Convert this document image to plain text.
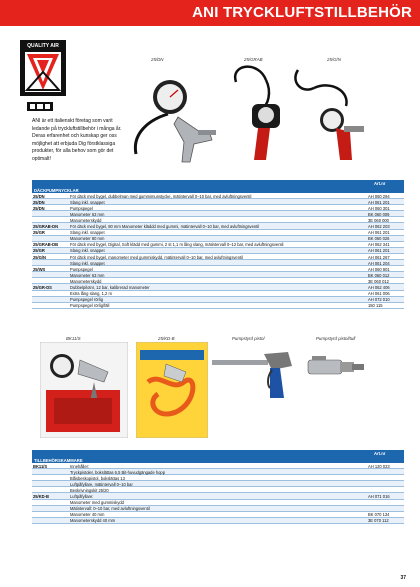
ANI TRYCKLUFTSTILLBEHÖR
QUALITY AIR
ANI är ett italienskt företag som varit ledande på tryckluftstillbehör i många år. Deras erfarenhet och kunskap ger oss möjlighet att erbjuda Dig förstklassiga produkter, för alla behov som gör det optimalt!
25/DN	25/GRAB	25/G/N
Art.nr
DÄCKPUMPNYCKLAR
25/DN	För däck med bygel, dubbelman med gummimunstycke, mätintervall 0–10 bar, med avluftningsventil	AH 060 294
25/DN	Slang inkl. snappet	AH 061 201
25/DN	Pumpspegel	AH 060 301
Manometer 63 mm	BK 060 009
Manometerskydd	3E 060 000
25/GRAB-DN	För däck med bygel, 80 mm Manometer kläddd med gummi, mätintervall 0–10 bar, med avluftningsventil	AH 062 203
25/GR	Slang inkl. snappet	AH 061 201
Manometer 80 mm	BK 060 026
25/GRAB-DB	För däck med bygel, Digital, Soft klädd med gummi, 2 st 1,1 m lång slang, mätintervall 0–12 bar, med avluftningsventil	AH 062 341
25/GR	Slang inkl. snappet	AH 061 201
25/G/N	För däck med bygel, manometer med gummiskydd, mätintervall 0–10 bar, med avluftningsventil	AH 061 267
Slang inkl. snappet	AH 061 204
25/WS	Pumpspegel	AH 060 901
Manometer 63 mm	BK 060 012
Manometerskydd	3E 060 012
25/GR-DS	Dubbelpilotnr, 12 bar, kalibrerad manometer	AH 062 406
Extra lång slang, 1,2 m	AH 061 006
Pumpspegel rörlig	AH 072 010
Pumpspegel rörlig/fäll	150 115
BK11/S	25/KD-B	Pumpstyrd pistol	Pumpstyrd pistol/tull
Art.nr
TILLBEHÖRSKAMMARE
BK11/S	Innehåller:	AH 120 023
Tryckpistoler, bokslättas 6,5 Bit-huvudgängade hopp
Blåsbeskopistol, bokslättas 13
Luftpåfyllare, mätintervall 0–10 bar
Beskrivningskit 25/20
25/KD-B	Luftpåfyllare:	AH 071 016
Manometer med gummiskydd
Mätintervall: 0–10 bar, med avluftningsventil
Manometer 40 mm	BK 070 134
Manometerskydd 40 mm	3E 070 112
37
